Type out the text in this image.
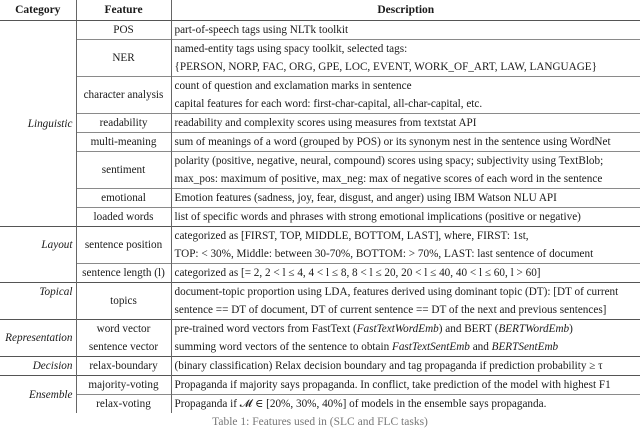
Category	Feature	Description
Linguistic	POS	part-of-speech tags using NLTk toolkit

	NER	named-entity tags using spacy toolkit, selected tags:
{PERSON, NORP, FAC, ORG, GPE, LOC, EVENT, WORK_OF_ART, LAW, LANGUAGE}

	character analysis	count of question and exclamation marks in sentence
capital features for each word: first-char-capital, all-char-capital, etc.

	readability	readability and complexity scores using measures from textstat API

	multi-meaning	sum of meanings of a word (grouped by POS) or its synonym nest in the sentence using WordNet

	sentiment	polarity (positive, negative, neural, compound) scores using spacy; subjectivity using TextBlob;
max_pos: maximum of positive, max_neg: max of negative scores of each word in the sentence

	emotional	Emotion features (sadness, joy, fear, disgust, and anger) using IBM Watson NLU API

	loaded words	list of specific words and phrases with strong emotional implications (positive or negative)

Layout	sentence position	categorized as [FIRST, TOP, MIDDLE, BOTTOM, LAST], where, FIRST: 1st,
TOP: < 30%, Middle: between 30-70%, BOTTOM: > 70%, LAST: last sentence of document

	sentence length (l)	categorized as [= 2, 2 < l ≤ 4, 4 < l ≤ 8, 8 < l ≤ 20, 20 < l ≤ 40, 40 < l ≤ 60, l > 60]

Topical	topics	document-topic proportion using LDA, features derived using dominant topic (DT): [DT of current
sentence == DT of document, DT of current sentence == DT of the next and previous sentences]

Representation	word vector	pre-trained word vectors from FastText (FastTextWordEmb) and BERT (BERTWordEmb)

	sentence vector	summing word vectors of the sentence to obtain FastTextSentEmb and BERTSentEmb

Decision	relax-boundary	(binary classification) Relax decision boundary and tag propaganda if prediction probability ≥ τ

Ensemble	majority-voting	Propaganda if majority says propaganda. In conflict, take prediction of the model with highest F1

	relax-voting	Propaganda if 𝓜 ∈ [20%, 30%, 40%] of models in the ensemble says propaganda.
Table 1: Features used in (SLC and FLC tasks)
